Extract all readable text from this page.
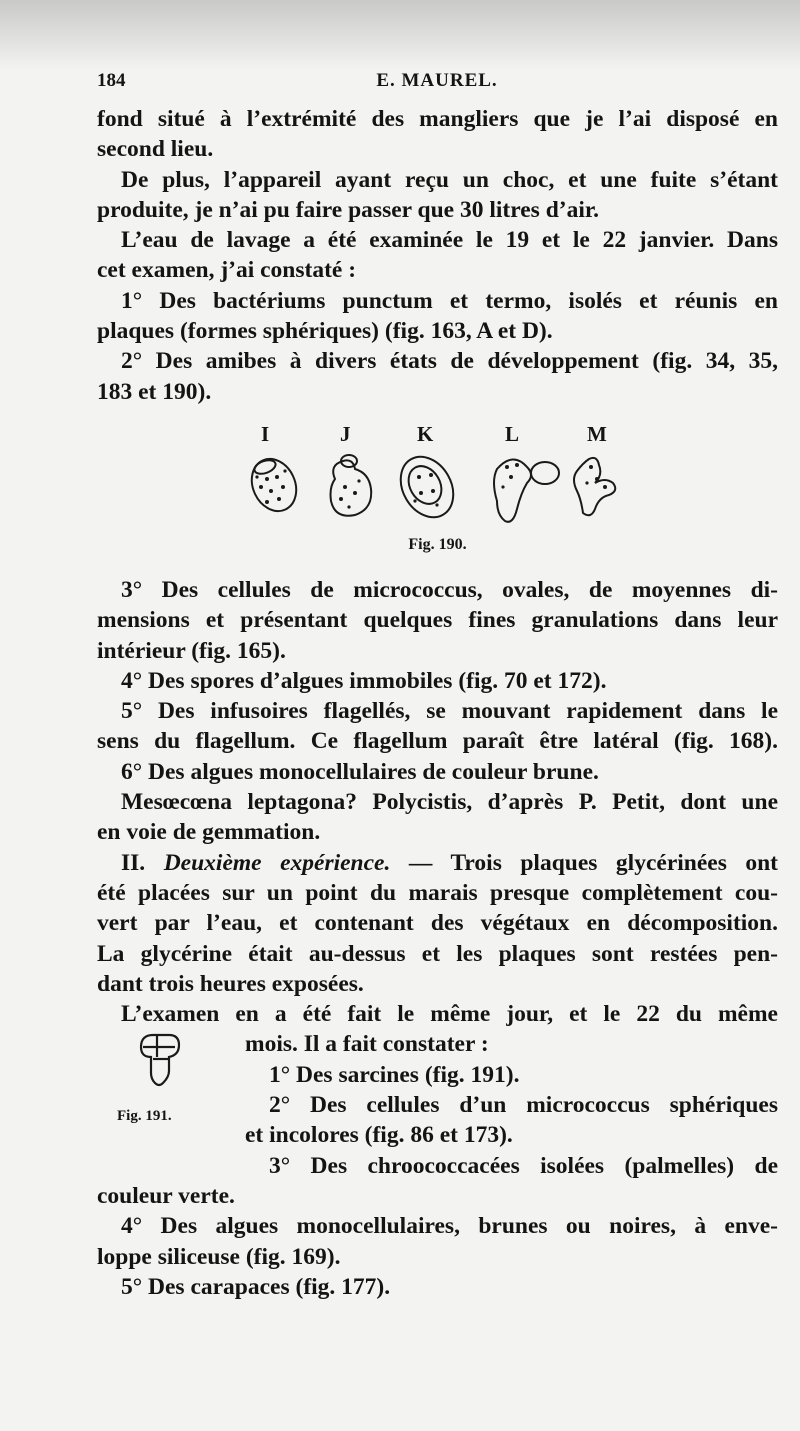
184	E. MAUREL.
fond situé à l’extrémité des mangliers que je l’ai disposé en
second lieu.
De plus, l’appareil ayant reçu un choc, et une fuite s’étant
produite, je n’ai pu faire passer que 30 litres d’air.
L’eau de lavage a été examinée le 19 et le 22 janvier. Dans
cet examen, j’ai constaté :
1° Des bactériums punctum et termo, isolés et réunis en
plaques (formes sphériques) (fig. 163, A et D).
2° Des amibes à divers états de développement (fig. 34, 35,
183 et 190).
I	J	K	L	M
Fig. 190.
3° Des cellules de micrococcus, ovales, de moyennes di-
mensions et présentant quelques fines granulations dans leur
intérieur (fig. 165).
4° Des spores d’algues immobiles (fig. 70 et 172).
5° Des infusoires flagellés, se mouvant rapidement dans le
sens du flagellum. Ce flagellum paraît être latéral (fig. 168).
6° Des algues monocellulaires de couleur brune.
Mesœcœna leptagona? Polycistis, d’après P. Petit, dont une
en voie de gemmation.
II. Deuxième expérience. — Trois plaques glycérinées ont
été placées sur un point du marais presque complètement cou-
vert par l’eau, et contenant des végétaux en décomposition.
La glycérine était au-dessus et les plaques sont restées pen-
dant trois heures exposées.
L’examen en a été fait le même jour, et le 22 du même
Fig. 191.
mois. Il a fait constater :
1° Des sarcines (fig. 191).
2° Des cellules d’un micrococcus sphériques
et incolores (fig. 86 et 173).
3° Des chroococcacées isolées (palmelles) de
couleur verte.
4° Des algues monocellulaires, brunes ou noires, à enve-
loppe siliceuse (fig. 169).
5° Des carapaces (fig. 177).
